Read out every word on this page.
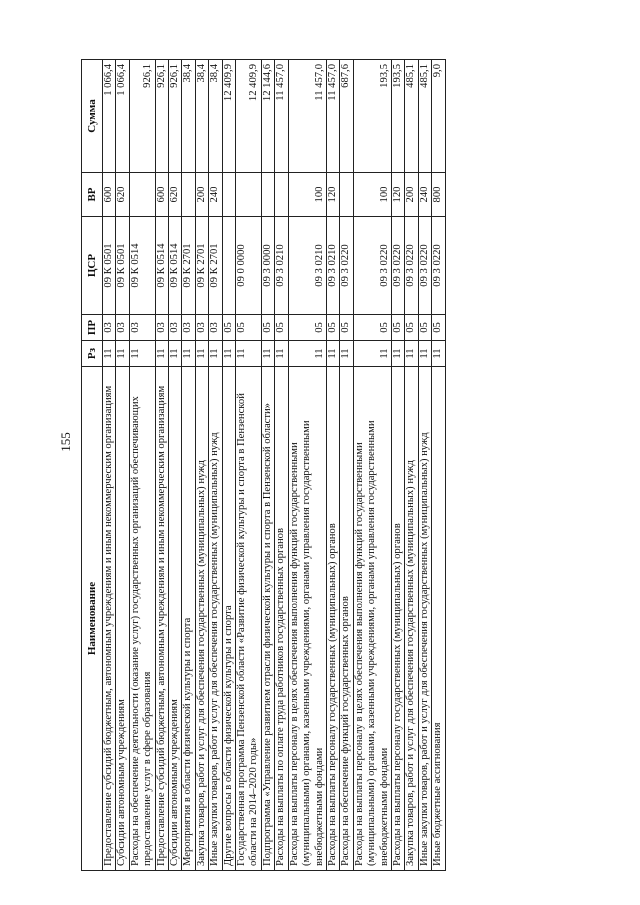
155
Наименование	Рз	ПР	ЦСР	ВР	Сумма
Предоставление субсидий бюджетным, автономным учреждениям и иным некоммерческим организациям	11	03	09 К 0501	600	1 066,4
Субсидии автономным учреждениям	11	03	09 К 0501	620	1 066,4
Расходы на обеспечение деятельности (оказание услуг) государственных организаций обеспечивающих предоставление услуг в сфере образования	11	03	09 К 0514		926,1
Предоставление субсидий бюджетным, автономным учреждениям и иным некоммерческим организациям	11	03	09 К 0514	600	926,1
Субсидии автономным учреждениям	11	03	09 К 0514	620	926,1
Мероприятия в области физической культуры и спорта	11	03	09 К 2701		38,4
Закупка товаров, работ и услуг для обеспечения государственных (муниципальных) нужд	11	03	09 К 2701	200	38,4
Иные закупки товаров, работ и услуг для обеспечения государственных (муниципальных) нужд	11	03	09 К 2701	240	38,4
Другие вопросы в области физической культуры и спорта	11	05			12 409,9
Государственная программа Пензенской области «Развитие физической культуры и спорта в Пензенской области на 2014–2020 годы»	11	05	09 0 0000		12 409,9
Подпрограмма «Управление развитием отрасли физической культуры и спорта в Пензенской области»	11	05	09 3 0000		12 144,6
Расходы на выплаты по оплате труда работников государственных органов	11	05	09 3 0210		11 457,0
Расходы на выплаты персоналу в целях обеспечения выполнения функций государственными (муниципальными) органами, казенными учреждениями, органами управления государственными внебюджетными фондами	11	05	09 3 0210	100	11 457,0
Расходы на выплаты персоналу государственных (муниципальных) органов	11	05	09 3 0210	120	11 457,0
Расходы на обеспечение функций государственных органов	11	05	09 3 0220		687,6
Расходы на выплаты персоналу в целях обеспечения выполнения функций государственными (муниципальными) органами, казенными учреждениями, органами управления государственными внебюджетными фондами	11	05	09 3 0220	100	193,5
Расходы на выплаты персоналу государственных (муниципальных) органов	11	05	09 3 0220	120	193,5
Закупка товаров, работ и услуг для обеспечения государственных (муниципальных) нужд	11	05	09 3 0220	200	485,1
Иные закупки товаров, работ и услуг для обеспечения государственных (муниципальных) нужд	11	05	09 3 0220	240	485,1
Иные бюджетные ассигнования	11	05	09 3 0220	800	9,0
